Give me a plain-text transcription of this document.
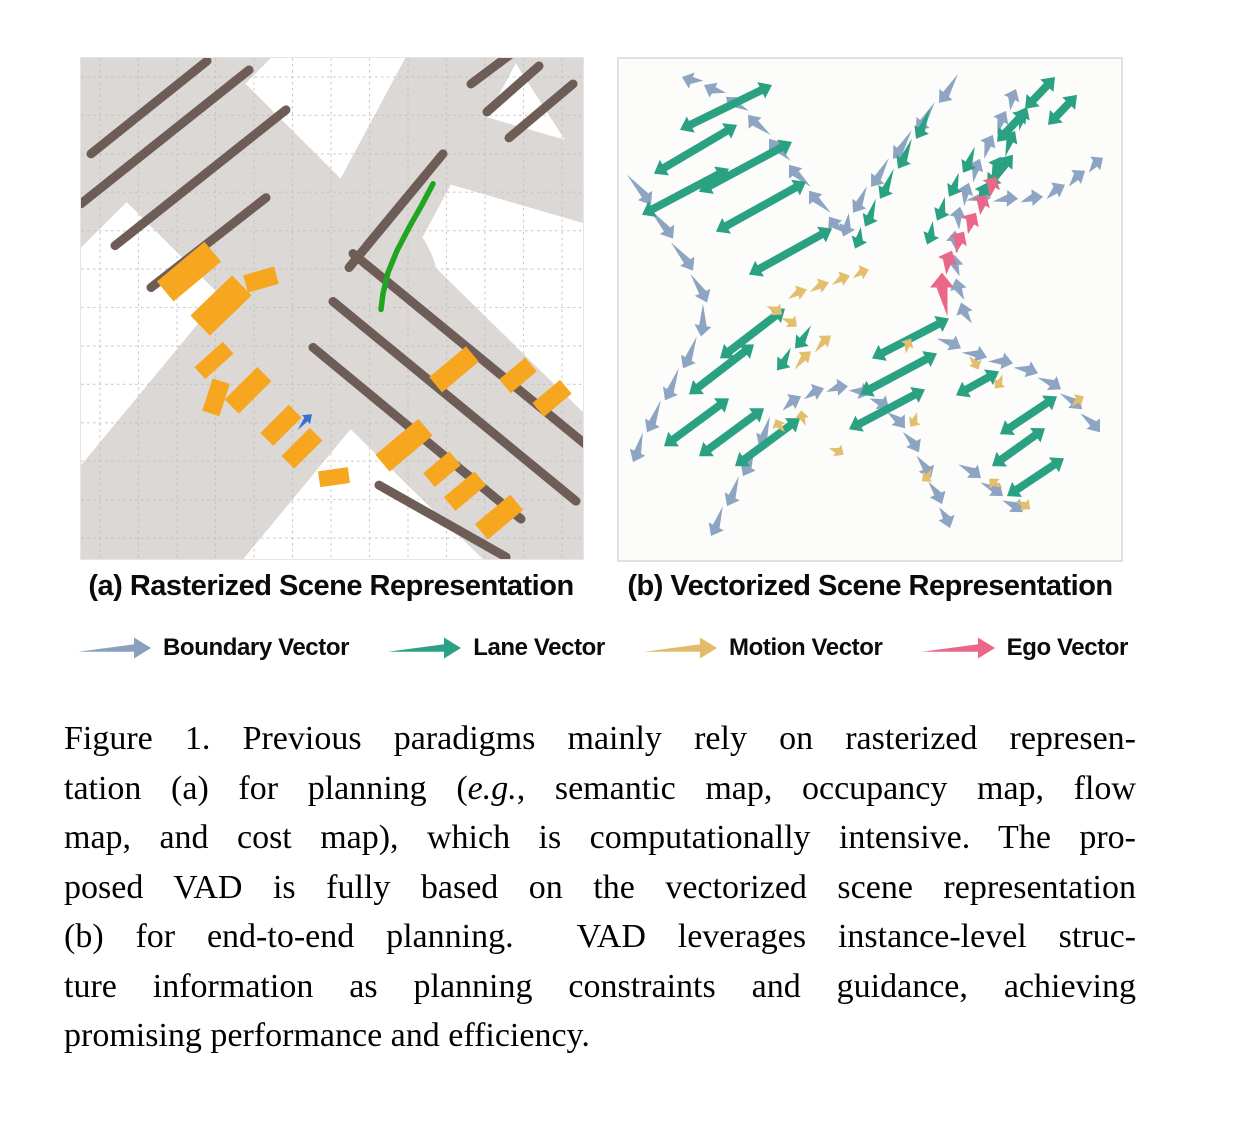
(a) Rasterized Scene Representation	(b) Vectorized Scene Representation
Boundary Vector	Lane Vector	Motion Vector	Ego Vector
Figure 1. Previous paradigms mainly rely on rasterized represen-
tation (a) for planning (e.g., semantic map, occupancy map, flow
map, and cost map), which is computationally intensive. The pro-
posed VAD is fully based on the vectorized scene representation
(b) for end-to-end planning.  VAD leverages instance-level struc-
ture information as planning constraints and guidance, achieving
promising performance and efficiency.
